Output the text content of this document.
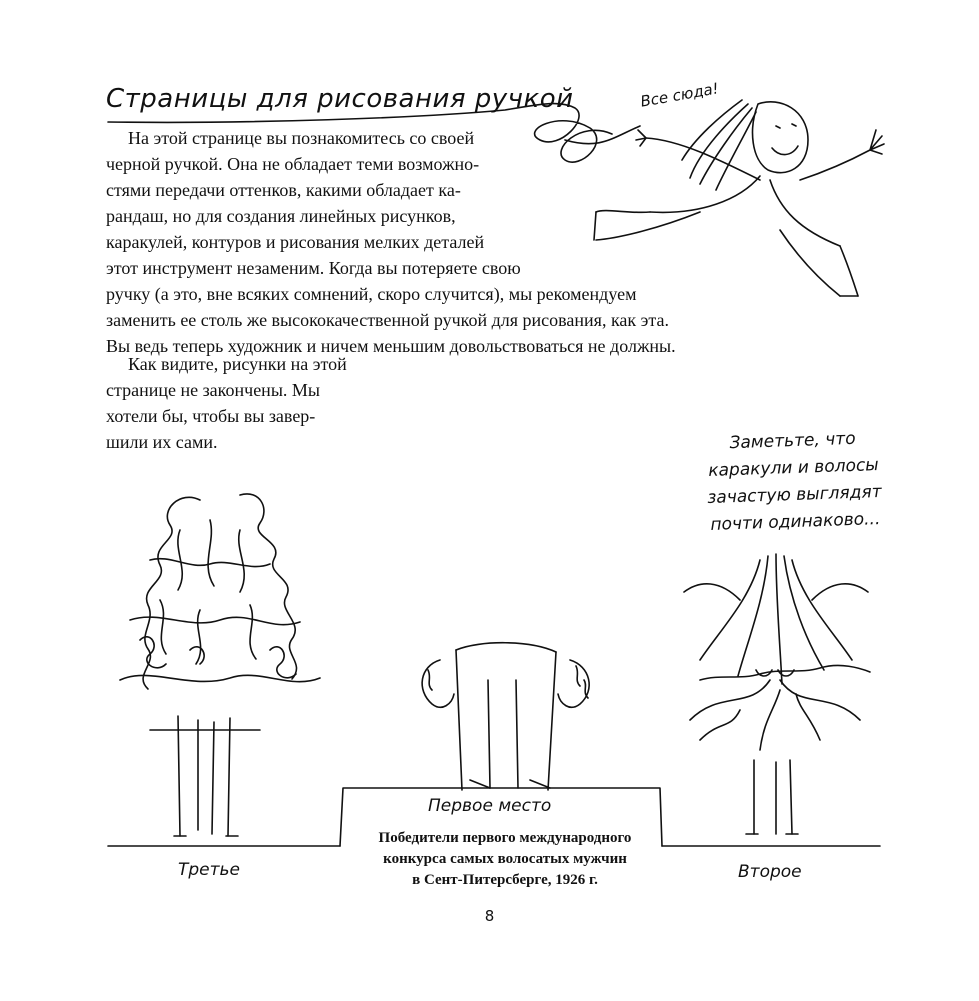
Страницы для рисования ручкой
На этой странице вы познакомитесь со своей
черной ручкой. Она не обладает теми возможно-
стями передачи оттенков, какими обладает ка-
рандаш, но для создания линейных рисунков,
каракулей, контуров и рисования мелких деталей
этот инструмент незаменим. Когда вы потеряете свою
ручку (а это, вне всяких сомнений, скоро случится), мы рекомендуем
заменить ее столь же высококачественной ручкой для рисования, как эта.
Вы ведь теперь художник и ничем меньшим довольствоваться не должны.
Как видите, рисунки на этой
странице не закончены. Мы
хотели бы, чтобы вы завер-
шили их сами.
Все сюда!
Заметьте, что
каракули и волосы
зачастую выглядят
почти одинаково...
Третье
Первое место
Второе
Победители первого международного
конкурса самых волосатых мужчин
в Сент-Питерсберге, 1926 г.
8
